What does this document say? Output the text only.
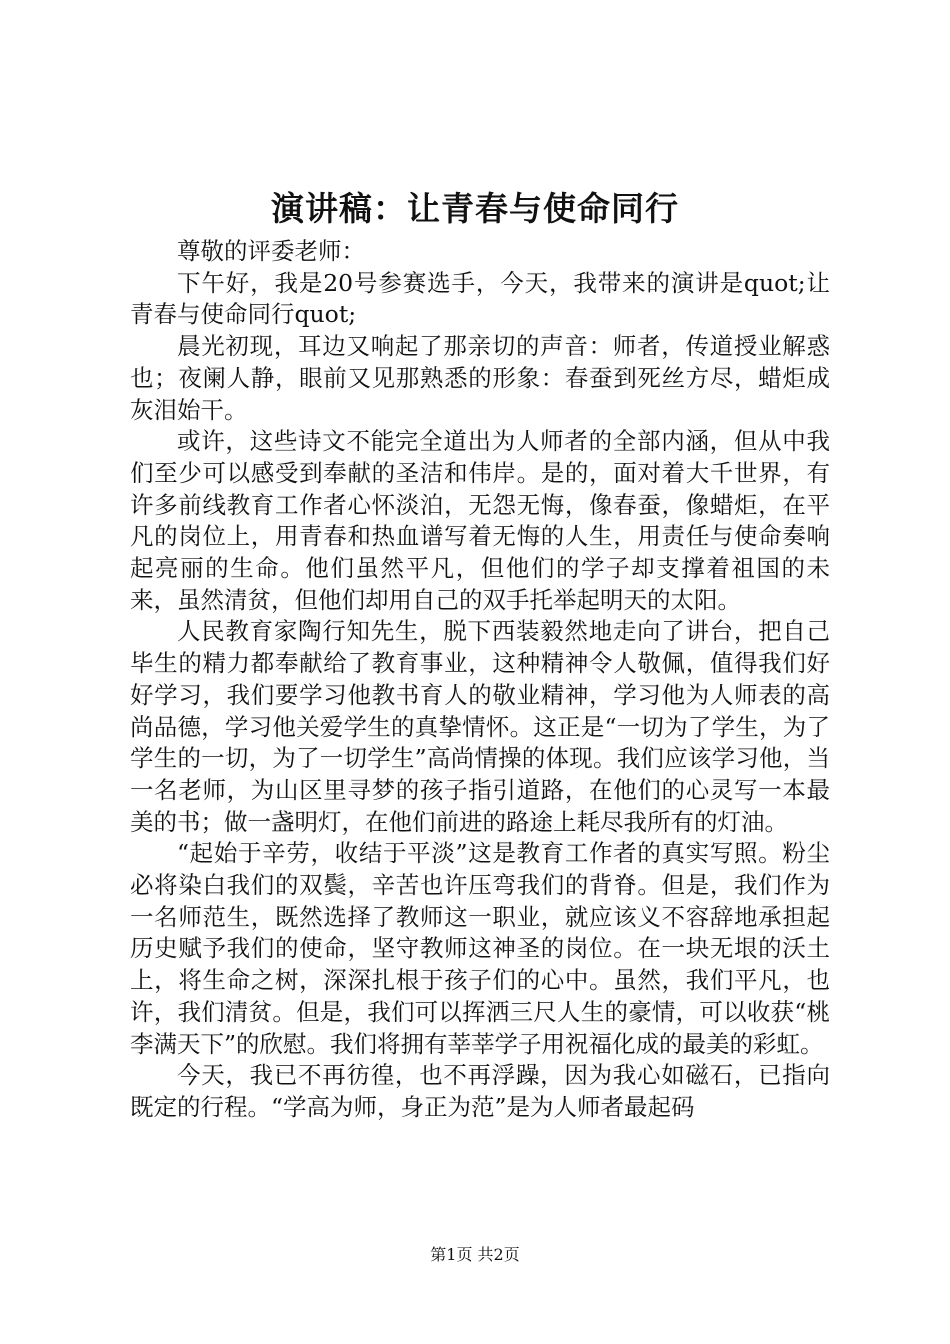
演讲稿：让青春与使命同行

尊敬的评委老师：

下午好，我是20号参赛选手，今天，我带来的演讲是quot;让青春与使命同行quot;

晨光初现，耳边又响起了那亲切的声音：师者，传道授业解惑也；夜阑人静，眼前又见那熟悉的形象：春蚕到死丝方尽，蜡炬成灰泪始干。

或许，这些诗文不能完全道出为人师者的全部内涵，但从中我们至少可以感受到奉献的圣洁和伟岸。是的，面对着大千世界，有许多前线教育工作者心怀淡泊，无怨无悔，像春蚕，像蜡炬，在平凡的岗位上，用青春和热血谱写着无悔的人生，用责任与使命奏响起亮丽的生命。他们虽然平凡，但他们的学子却支撑着祖国的未来，虽然清贫，但他们却用自己的双手托举起明天的太阳。

人民教育家陶行知先生，脱下西装毅然地走向了讲台，把自己毕生的精力都奉献给了教育事业，这种精神令人敬佩，值得我们好好学习，我们要学习他教书育人的敬业精神，学习他为人师表的高尚品德，学习他关爱学生的真挚情怀。这正是“一切为了学生，为了学生的一切，为了一切学生”高尚情操的体现。我们应该学习他，当一名老师，为山区里寻梦的孩子指引道路，在他们的心灵写一本最美的书；做一盏明灯，在他们前进的路途上耗尽我所有的灯油。

“起始于辛劳，收结于平淡”这是教育工作者的真实写照。粉尘必将染白我们的双鬓，辛苦也许压弯我们的背脊。但是，我们作为一名师范生，既然选择了教师这一职业，就应该义不容辞地承担起历史赋予我们的使命，坚守教师这神圣的岗位。在一块无垠的沃土上，将生命之树，深深扎根于孩子们的心中。虽然，我们平凡，也许，我们清贫。但是，我们可以挥洒三尺人生的豪情，可以收获“桃李满天下”的欣慰。我们将拥有莘莘学子用祝福化成的最美的彩虹。

今天，我已不再彷徨，也不再浮躁，因为我心如磁石，已指向既定的行程。“学高为师，身正为范”是为人师者最起码

第1页 共2页
